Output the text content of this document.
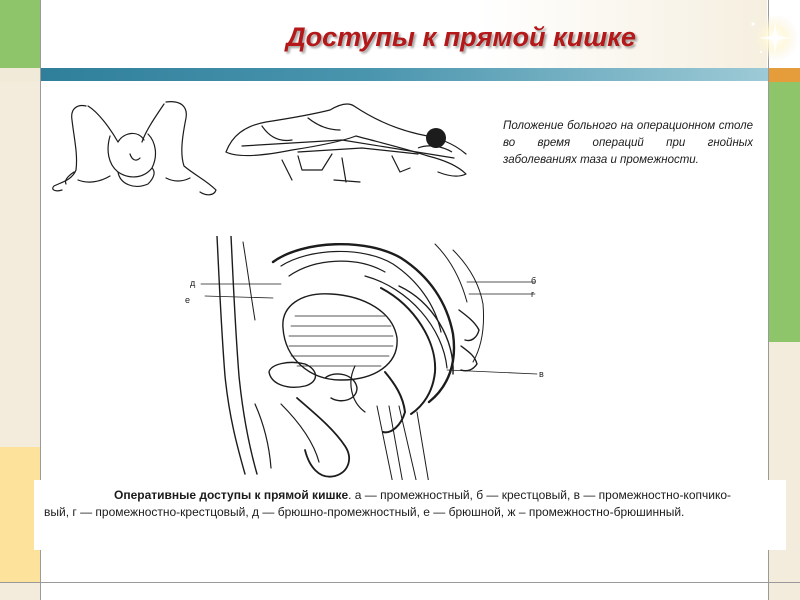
Доступы к прямой кишке
Положение больного на операционном столе во время операций при гнойных заболеваниях таза и промежности.
д
е
б
г
в
Оперативные доступы к прямой кишке. а — промежностный, б — крестцовый, в — промежностно-копчико-
вый, г — промежностно-крестцовый, д — брюшно-промежностный, е — брюшной, ж – промежностно-брюшинный.
